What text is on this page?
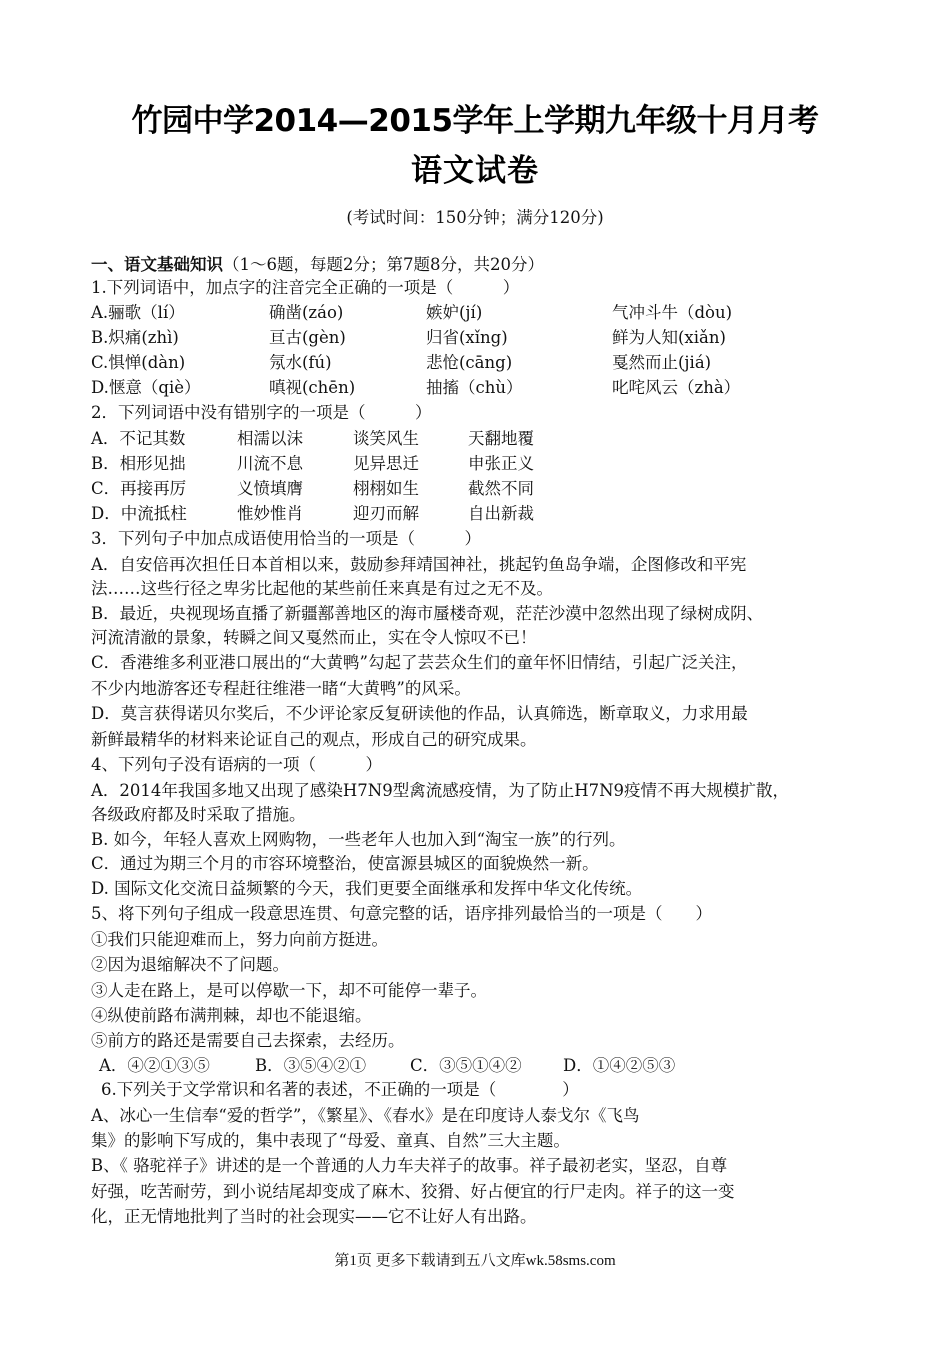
竹园中学2014—2015学年上学期九年级十月月考
语文试卷
(考试时间：150分钟；满分120分)
一、语文基础知识（1～6题，每题2分；第7题8分，共20分）
1.下列词语中，加点字的注音完全正确的一项是（　　　）
A.骊歌（lí）	确凿(záo)	嫉妒(jí)	气冲斗牛（dòu)
B.炽痛(zhì)	亘古(gèn)	归省(xǐng)	鲜为人知(xiǎn)
C.惧惮(dàn)	氖水(fú)	悲怆(cāng)	戛然而止(jiá)
D.惬意（qiè）	嗔视(chēn)	抽搐（chù）	叱咤风云（zhà）
2．下列词语中没有错别字的一项是（　　　）
A．不记其数	相濡以沫	谈笑风生	天翻地覆
B．相形见拙	川流不息	见异思迁	申张正义
C．再接再厉	义愤填膺	栩栩如生	截然不同
D．中流抵柱	惟妙惟肖	迎刃而解	自出新裁
3．下列句子中加点成语使用恰当的一项是（　　　）
A．自安倍再次担任日本首相以来，鼓励参拜靖国神社，挑起钓鱼岛争端，企图修改和平宪
法……这些行径之卑劣比起他的某些前任来真是有过之无不及。
B．最近，央视现场直播了新疆鄯善地区的海市蜃楼奇观，茫茫沙漠中忽然出现了绿树成阴、
河流清澈的景象，转瞬之间又戛然而止，实在令人惊叹不已！
C．香港维多利亚港口展出的“大黄鸭”勾起了芸芸众生们的童年怀旧情结，引起广泛关注，
不少内地游客还专程赶往维港一睹“大黄鸭”的风采。
D．莫言获得诺贝尔奖后，不少评论家反复研读他的作品，认真筛选，断章取义，力求用最
新鲜最精华的材料来论证自己的观点，形成自己的研究成果。
4、下列句子没有语病的一项（　　　）
A．2014年我国多地又出现了感染H7N9型禽流感疫情，为了防止H7N9疫情不再大规模扩散，
各级政府都及时采取了措施。
B. 如今，年轻人喜欢上网购物，一些老年人也加入到“淘宝一族”的行列。
C．通过为期三个月的市容环境整治，使富源县城区的面貌焕然一新。
D. 国际文化交流日益频繁的今天，我们更要全面继承和发挥中华文化传统。
5、将下列句子组成一段意思连贯、句意完整的话，语序排列最恰当的一项是（　　）
①我们只能迎难而上，努力向前方挺进。
②因为退缩解决不了问题。
③人走在路上，是可以停歇一下，却不可能停一辈子。
④纵使前路布满荆棘，却也不能退缩。
⑤前方的路还是需要自己去探索，去经历。
A．④②①③⑤	B．③⑤④②①	C．③⑤①④②	D．①④②⑤③
6.下列关于文学常识和名著的表述，不正确的一项是（　　　　）
A、冰心一生信奉“爱的哲学”，《繁星》、《春水》是在印度诗人泰戈尔《飞鸟
集》的影响下写成的，集中表现了“母爱、童真、自然”三大主题。
B、《 骆驼祥子》讲述的是一个普通的人力车夫祥子的故事。祥子最初老实，坚忍，自尊
好强，吃苦耐劳，到小说结尾却变成了麻木、狡猾、好占便宜的行尸走肉。祥子的这一变
化，正无情地批判了当时的社会现实——它不让好人有出路。
第1页 更多下载请到五八文库wk.58sms.com
